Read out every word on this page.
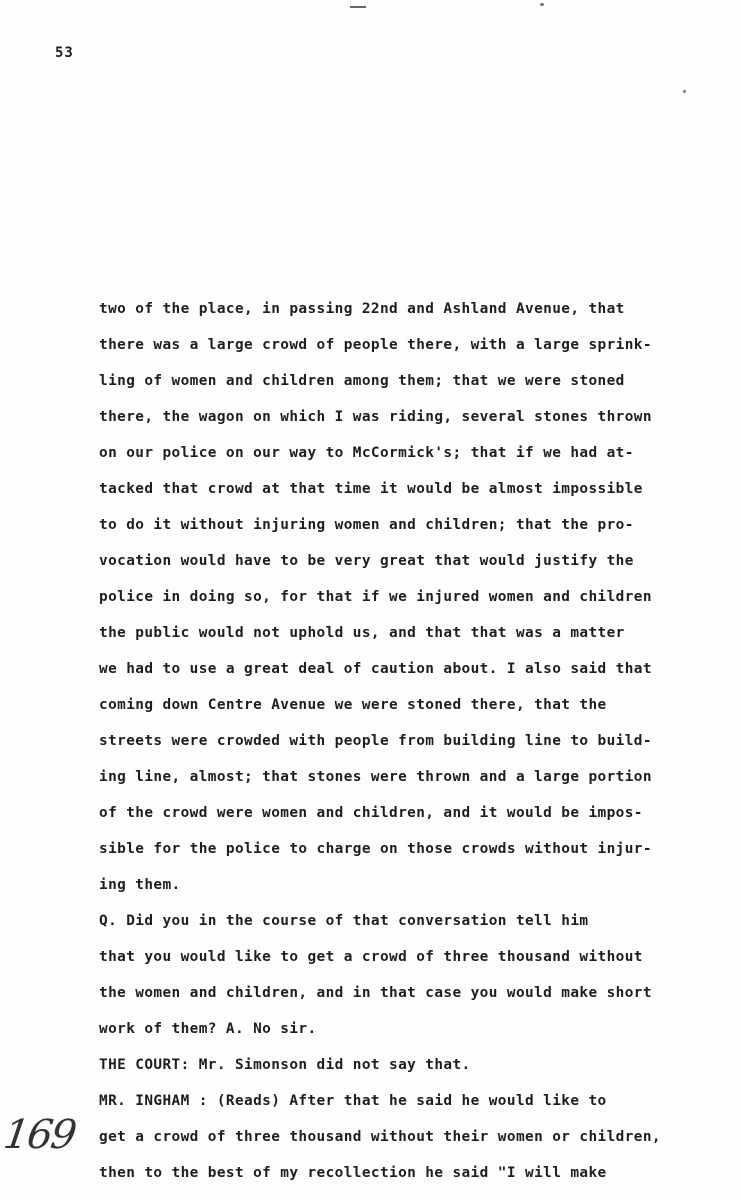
53
two of the place, in passing 22nd and Ashland Avenue, that
there was a large crowd of people there, with a large sprink-
ling of women and children among them; that we were stoned
there, the wagon on which I was riding, several stones thrown
on our police on our way to McCormick's; that if we had at-
tacked that crowd at that time it would be almost impossible
to do it without injuring women and children; that the pro-
vocation would have to be very great that would justify the
police in doing so, for that if we injured women and children
the public would not uphold us, and that that was a matter
we had to use a great deal of caution about. I also said that
coming down Centre Avenue we were stoned there, that the
streets were crowded with people from building line to build-
ing line, almost; that stones were thrown and a large portion
of the crowd were women and children, and it would be impos-
sible for the police to charge on those crowds without injur-
ing them.
Q. Did you in the course of that conversation tell him
that you would like to get a crowd of three thousand without
the women and children, and in that case you would make short
work of them? A. No sir.
THE COURT: Mr. Simonson did not say that.
MR. INGHAM : (Reads) After that he said he would like to
get a crowd of three thousand without their women or children,
then to the best of my recollection he said "I will make
169
